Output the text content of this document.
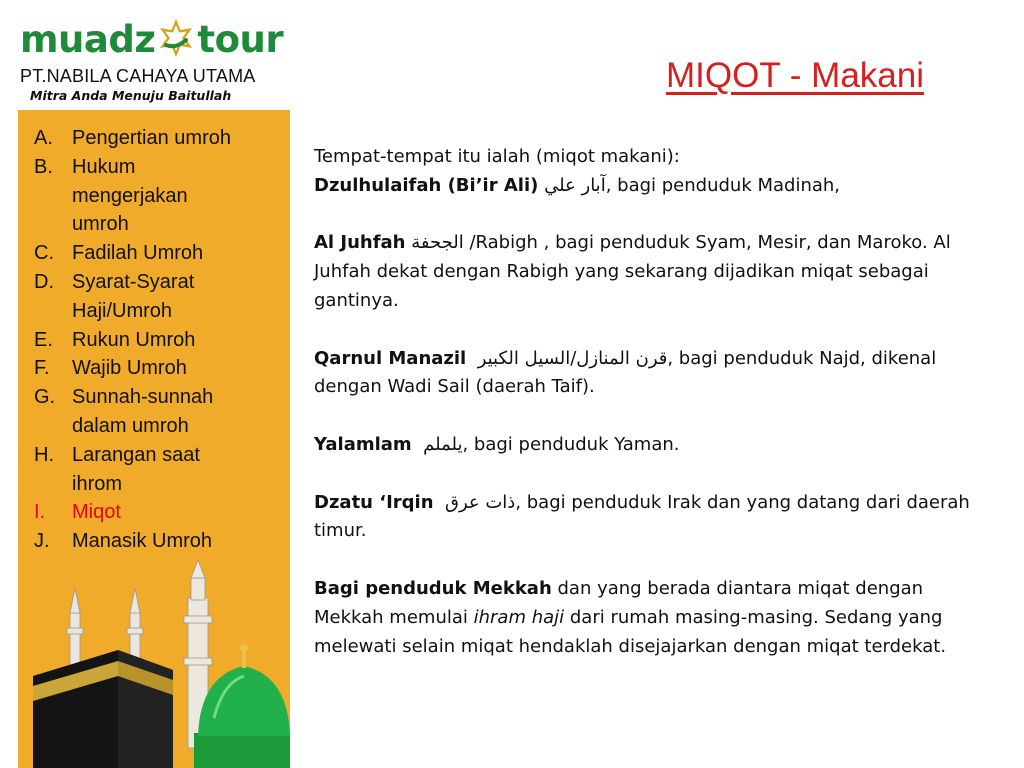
muadz tour
PT.NABILA CAHAYA UTAMA
Mitra Anda Menuju Baitullah
A. Pengertian umroh
B. Hukum mengerjakan umroh
C. Fadilah Umroh
D. Syarat-Syarat Haji/Umroh
E. Rukun Umroh
F.	Wajib Umroh
G. Sunnah-sunnah dalam umroh
H. Larangan saat ihrom
I.	Miqot
J.	Manasik Umroh
MIQOT - Makani

Tempat-tempat itu ialah (miqot makani):

Dzulhulaifah (Bi’ir Ali) آبار علي, bagi penduduk Madinah,

Al Juhfah الجحفة /Rabigh , bagi penduduk Syam, Mesir, dan Maroko. Al Juhfah dekat dengan Rabigh yang sekarang dijadikan miqat sebagai gantinya.

Qarnul Manazil قرن المنازل/السيل الكبير, bagi penduduk Najd, dikenal dengan Wadi Sail (daerah Taif).

Yalamlam يلملم, bagi penduduk Yaman.

Dzatu ‘Irqin ذات عرق, bagi penduduk Irak dan yang datang dari daerah timur.

Bagi penduduk Mekkah dan yang berada diantara miqat dengan Mekkah memulai ihram haji dari rumah masing-masing. Sedang yang melewati selain miqat hendaklah disejajarkan dengan miqat terdekat.
